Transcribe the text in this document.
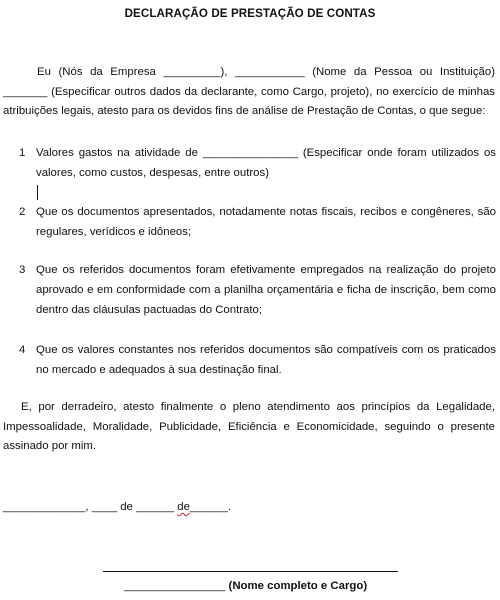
DECLARAÇÃO DE PRESTAÇÃO DE CONTAS

Eu (Nós da Empresa _________), ___________ (Nome da Pessoa ou Instituição) _______ (Especificar outros dados da declarante, como Cargo, projeto), no exercício de minhas atribuições legais, atesto para os devidos fins de análise de Prestação de Contas, o que segue:

1 Valores gastos na atividade de _______________ (Especificar onde foram utilizados os valores, como custos, despesas, entre outros)
2 Que os documentos apresentados, notadamente notas fiscais, recibos e congêneres, são regulares, verídicos e idôneos;
3 Que os referidos documentos foram efetivamente empregados na realização do projeto aprovado e em conformidade com a planilha orçamentária e ficha de inscrição, bem como dentro das cláusulas pactuadas do Contrato;
4 Que os valores constantes nos referidos documentos são compatíveis com os praticados no mercado e adequados à sua destinação final.

E, por derradeiro, atesto finalmente o pleno atendimento aos princípios da Legalidade, Impessoalidade, Moralidade, Publicidade, Eficiência e Economicidade, seguindo o presente assinado por mim.

_____________, ____ de ______ de______.
________________ (Nome completo e Cargo)
